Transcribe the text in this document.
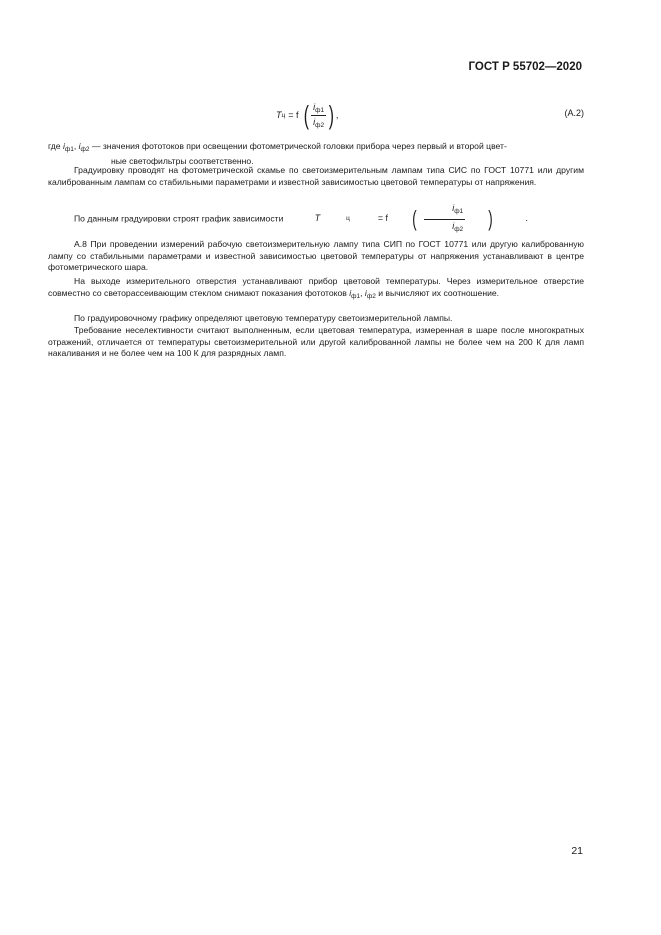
ГОСТ Р 55702—2020
T ц = f ( $\frac{i_{ф1}}{i_{ф2}}$ ) ,	(А.2)
где $i_{ф1}$, $i_{ф2}$ — значения фототоков при освещении фотометрической головки прибора через первый и второй цвет-
ные светофильтры соответственно.
Градуировку проводят на фотометрической скамье по светоизмерительным лампам типа СИС по ГОСТ 10771 или другим калиброванным лампам со стабильными параметрами и известной зависимостью цветовой температуры от напряжения.
По данным градуировки строят график зависимости	T	ц	= f	( $\frac{i_{ф1}}{i_{ф2}}$	)	.
А.8 При проведении измерений рабочую светоизмерительную лампу типа СИП по ГОСТ 10771 или другую калиброванную лампу со стабильными параметрами и известной зависимостью цветовой температуры от напряжения устанавливают в центре фотометрического шара.
На выходе измерительного отверстия устанавливают прибор цветовой температуры. Через измерительное отверстие совместно со светорассеивающим стеклом снимают показания фототоков $i_{ф1}$, $i_{ф2}$ и вычисляют их соотношение.
По градуировочному графику определяют цветовую температуру светоизмерительной лампы.
Требование неселективности считают выполненным, если цветовая температура, измеренная в шаре после многократных отражений, отличается от температуры светоизмерительной или другой калиброванной лампы не более чем на 200 К для ламп накаливания и не более чем на 100 К для разрядных ламп.
21
